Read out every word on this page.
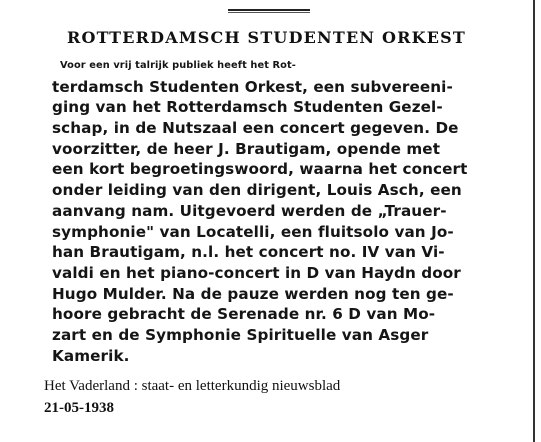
ROTTERDAMSCH STUDENTEN ORKEST
Voor een vrij talrijk publiek heeft het Rot-
terdamsch Studenten Orkest, een subvereeni-
ging van het Rotterdamsch Studenten Gezel-
schap, in de Nutszaal een concert gegeven. De
voorzitter, de heer J. Brautigam, opende met
een kort begroetingswoord, waarna het concert
onder leiding van den dirigent, Louis Asch, een
aanvang nam. Uitgevoerd werden de „Trauer-
symphonie" van Locatelli, een fluitsolo van Jo-
han Brautigam, n.l. het concert no. IV van Vi-
valdi en het piano-concert in D van Haydn door
Hugo Mulder. Na de pauze werden nog ten ge-
hoore gebracht de Serenade nr. 6 D van Mo-
zart en de Symphonie Spirituelle van Asger
Kamerik.
Het Vaderland : staat- en letterkundig nieuwsblad
21-05-1938
